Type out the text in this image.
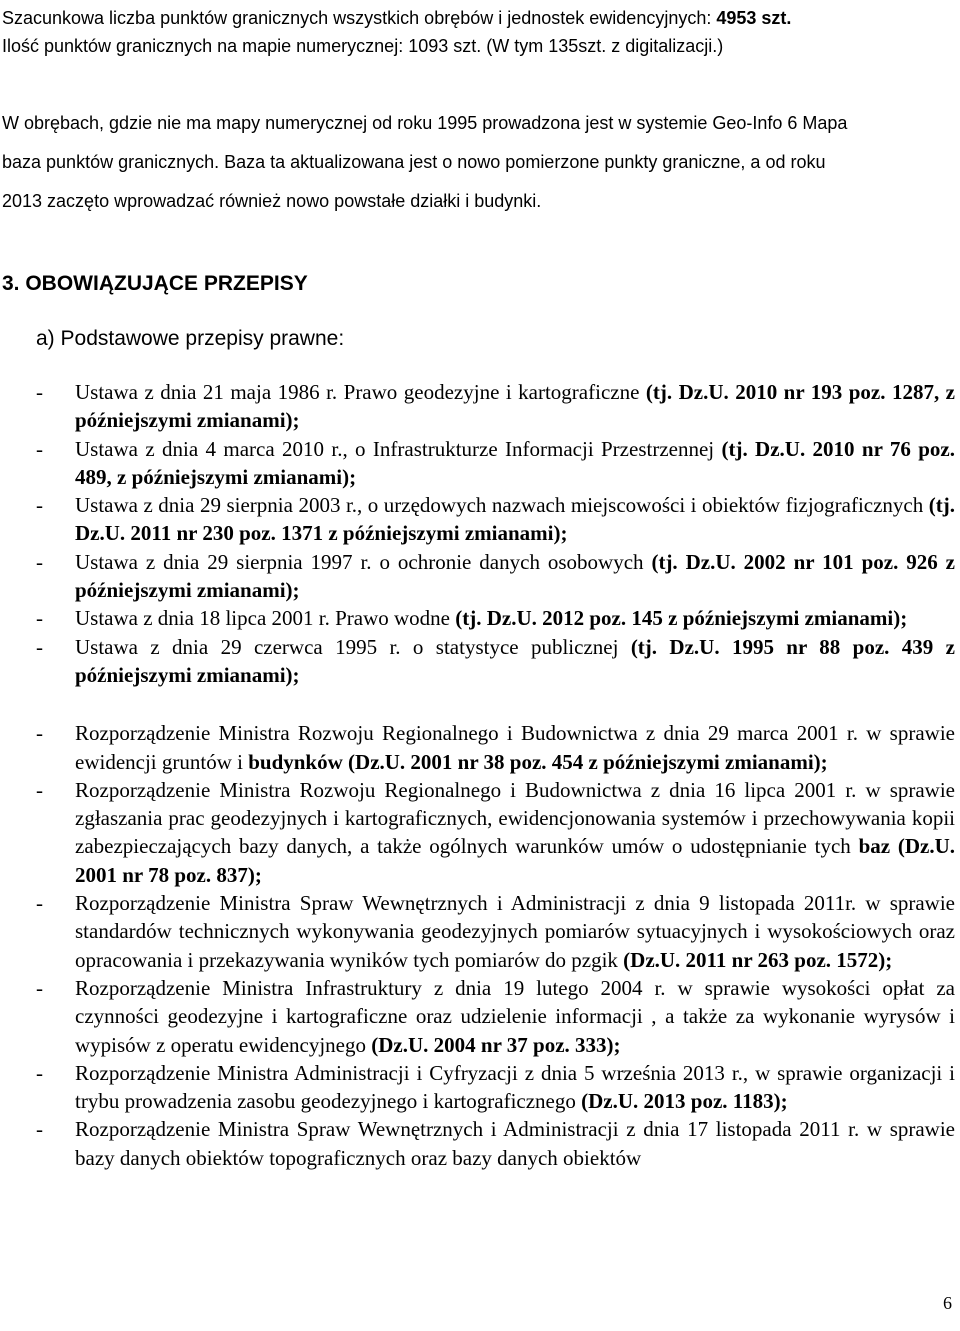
Szacunkowa liczba punktów granicznych wszystkich obrębów i jednostek ewidencyjnych: 4953 szt.
Ilość punktów granicznych na mapie numerycznej: 1093 szt. (W tym 135szt. z digitalizacji.)
W obrębach, gdzie nie ma mapy numerycznej od roku 1995 prowadzona jest w systemie Geo-Info 6 Mapa
baza punktów granicznych. Baza ta aktualizowana jest o nowo pomierzone punkty graniczne, a od roku
2013 zaczęto wprowadzać również nowo powstałe działki i budynki.
3. OBOWIĄZUJĄCE PRZEPISY
a) Podstawowe przepisy prawne:
- Ustawa z dnia 21 maja 1986 r. Prawo geodezyjne i kartograficzne (tj. Dz.U. 2010 nr 193 poz. 1287, z późniejszymi zmianami);
- Ustawa z dnia 4 marca 2010 r., o Infrastrukturze Informacji Przestrzennej (tj. Dz.U. 2010 nr 76 poz. 489, z późniejszymi zmianami);
- Ustawa z dnia 29 sierpnia 2003 r., o urzędowych nazwach miejscowości i obiektów fizjograficznych (tj. Dz.U. 2011 nr 230 poz. 1371 z późniejszymi zmianami);
- Ustawa z dnia 29 sierpnia 1997 r. o ochronie danych osobowych (tj. Dz.U. 2002 nr 101 poz. 926 z późniejszymi zmianami);
- Ustawa z dnia 18 lipca 2001 r. Prawo wodne (tj. Dz.U. 2012 poz. 145 z późniejszymi zmianami);
- Ustawa z dnia 29 czerwca 1995 r. o statystyce publicznej (tj. Dz.U. 1995 nr 88 poz. 439 z późniejszymi zmianami);
- Rozporządzenie Ministra Rozwoju Regionalnego i Budownictwa z dnia 29 marca 2001 r. w sprawie ewidencji gruntów i budynków (Dz.U. 2001 nr 38 poz. 454 z późniejszymi zmianami);
- Rozporządzenie Ministra Rozwoju Regionalnego i Budownictwa z dnia 16 lipca 2001 r. w sprawie zgłaszania prac geodezyjnych i kartograficznych, ewidencjonowania systemów i przechowywania kopii zabezpieczających bazy danych, a także ogólnych warunków umów o udostępnianie tych baz (Dz.U. 2001 nr 78 poz. 837);
- Rozporządzenie Ministra Spraw Wewnętrznych i Administracji z dnia 9 listopada 2011r. w sprawie standardów technicznych wykonywania geodezyjnych pomiarów sytuacyjnych i wysokościowych oraz opracowania i przekazywania wyników tych pomiarów do pzgik (Dz.U. 2011 nr 263 poz. 1572);
- Rozporządzenie Ministra Infrastruktury z dnia 19 lutego 2004 r. w sprawie wysokości opłat za czynności geodezyjne i kartograficzne oraz udzielenie informacji , a także za wykonanie wyrysów i wypisów z operatu ewidencyjnego (Dz.U. 2004 nr 37 poz. 333);
- Rozporządzenie Ministra Administracji i Cyfryzacji z dnia 5 września 2013 r., w sprawie organizacji i trybu prowadzenia zasobu geodezyjnego i kartograficznego (Dz.U. 2013 poz. 1183);
- Rozporządzenie Ministra Spraw Wewnętrznych i Administracji z dnia 17 listopada 2011 r. w sprawie bazy danych obiektów topograficznych oraz bazy danych obiektów
6
